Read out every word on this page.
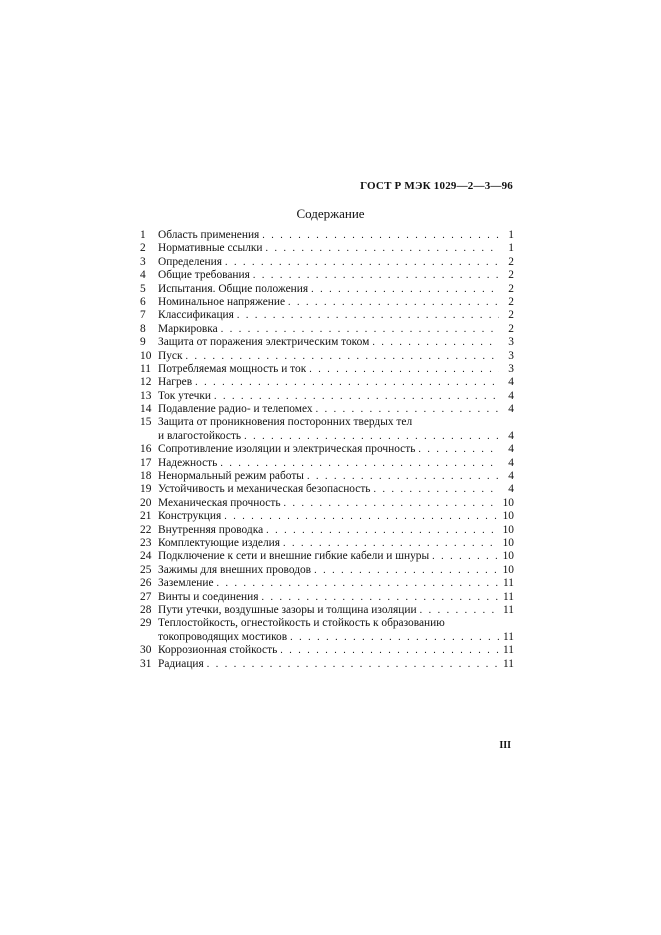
ГОСТ Р МЭК 1029—2—3—96
Содержание
1	Область применения . . .	1
2	Нормативные ссылки . . .	1
3	Определения . . .	2
4	Общие требования . . .	2
5	Испытания. Общие положения . . .	2
6	Номинальное напряжение . . .	2
7	Классификация . . .	2
8	Маркировка . . .	2
9	Защита от поражения электрическим током . . .	3
10 Пуск . . .	3
11 Потребляемая мощность и ток . . .	3
12 Нагрев . . .	4
13 Ток утечки . . .	4
14 Подавление радио- и телепомех . . .	4
15 Защита от проникновения посторонних твердых тел
и влагостойкость . . .	4
16 Сопротивление изоляции и электрическая прочность . . .	4
17 Надежность . . .	4
18 Ненормальный режим работы . . .	4
19 Устойчивость и механическая безопасность . . .	4
20 Механическая прочность . . .	10
21 Конструкция . . .	10
22 Внутренняя проводка . . .	10
23 Комплектующие изделия . . .	10
24 Подключение к сети и внешние гибкие кабели и шнуры . . .	10
25 Зажимы для внешних проводов . . .	10
26 Заземление . . .	11
27 Винты и соединения . . .	11
28 Пути утечки, воздушные зазоры и толщина изоляции . . .	11
29 Теплостойкость, огнестойкость и стойкость к образованию
токопроводящих мостиков . . .	11
30 Коррозионная стойкость . . .	11
31 Радиация . . .	11
III
